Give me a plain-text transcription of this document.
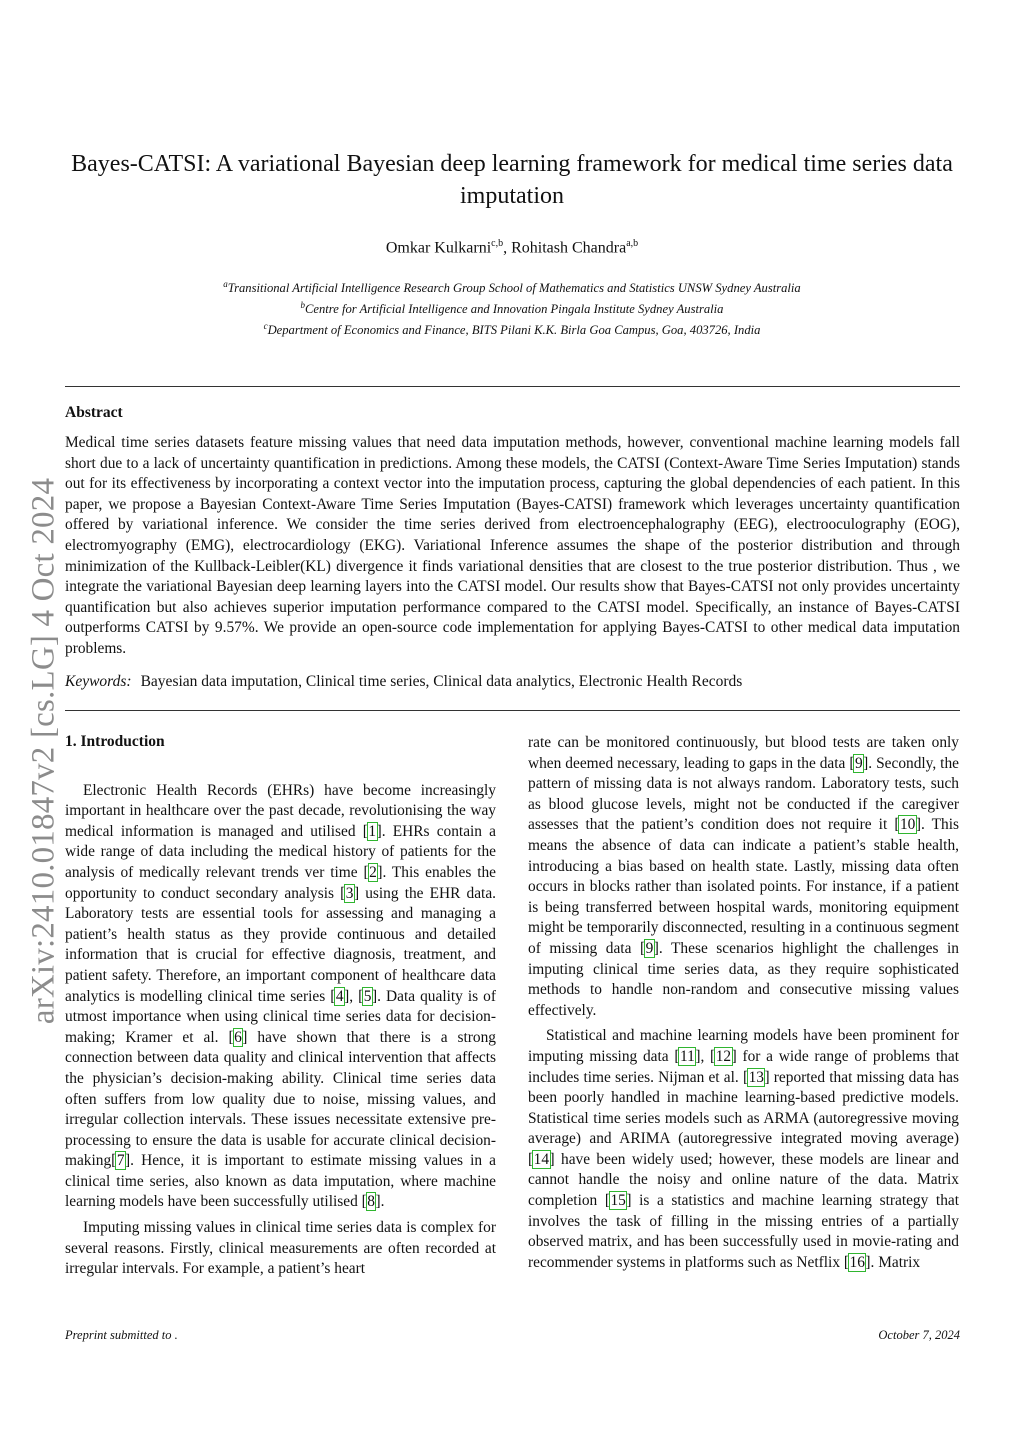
arXiv:2410.01847v2 [cs.LG] 4 Oct 2024
Bayes-CATSI: A variational Bayesian deep learning framework for medical time series data imputation
Omkar Kulkarni$^{c,b}$, Rohitash Chandra$^{a,b}$
$^a$Transitional Artificial Intelligence Research Group School of Mathematics and Statistics UNSW Sydney Australia
$^b$Centre for Artificial Intelligence and Innovation Pingala Institute Sydney Australia
$^c$Department of Economics and Finance, BITS Pilani K.K. Birla Goa Campus, Goa, 403726, India
Abstract
Medical time series datasets feature missing values that need data imputation methods, however, conventional machine learning models fall short due to a lack of uncertainty quantification in predictions. Among these models, the CATSI (Context-Aware Time Series Imputation) stands out for its effectiveness by incorporating a context vector into the imputation process, capturing the global dependencies of each patient. In this paper, we propose a Bayesian Context-Aware Time Series Imputation (Bayes-CATSI) framework which leverages uncertainty quantification offered by variational inference. We consider the time series derived from electroencephalography (EEG), electrooculography (EOG), electromyography (EMG), electrocardiology (EKG). Variational Inference assumes the shape of the posterior distribution and through minimization of the Kullback-Leibler(KL) divergence it finds variational densities that are closest to the true posterior distribution. Thus , we integrate the variational Bayesian deep learning layers into the CATSI model. Our results show that Bayes-CATSI not only provides uncertainty quantification but also achieves superior imputation performance compared to the CATSI model. Specifically, an instance of Bayes-CATSI outperforms CATSI by 9.57%. We provide an open-source code implementation for applying Bayes-CATSI to other medical data imputation problems.
Keywords: Bayesian data imputation, Clinical time series, Clinical data analytics, Electronic Health Records
1. Introduction

Electronic Health Records (EHRs) have become increasingly important in healthcare over the past decade, revolutionising the way medical information is managed and utilised [1]. EHRs contain a wide range of data including the medical history of patients for the analysis of medically relevant trends ver time [2]. This enables the opportunity to conduct secondary analysis [3] using the EHR data. Laboratory tests are essential tools for assessing and managing a patient’s health status as they provide continuous and detailed information that is crucial for effective diagnosis, treatment, and patient safety. Therefore, an important component of healthcare data analytics is modelling clinical time series [4], [5]. Data quality is of utmost importance when using clinical time series data for decision-making; Kramer et al. [6] have shown that there is a strong connection between data quality and clinical intervention that affects the physician’s decision-making ability. Clinical time series data often suffers from low quality due to noise, missing values, and irregular collection intervals. These issues necessitate extensive pre-processing to ensure the data is usable for accurate clinical decision-making[7]. Hence, it is important to estimate missing values in a clinical time series, also known as data imputation, where machine learning models have been successfully utilised [8].

Imputing missing values in clinical time series data is complex for several reasons. Firstly, clinical measurements are often recorded at irregular intervals. For example, a patient’s heart

rate can be monitored continuously, but blood tests are taken only when deemed necessary, leading to gaps in the data [9]. Secondly, the pattern of missing data is not always random. Laboratory tests, such as blood glucose levels, might not be conducted if the caregiver assesses that the patient’s condition does not require it [10]. This means the absence of data can indicate a patient’s stable health, introducing a bias based on health state. Lastly, missing data often occurs in blocks rather than isolated points. For instance, if a patient is being transferred between hospital wards, monitoring equipment might be temporarily disconnected, resulting in a continuous segment of missing data [9]. These scenarios highlight the challenges in imputing clinical time series data, as they require sophisticated methods to handle non-random and consecutive missing values effectively.

Statistical and machine learning models have been prominent for imputing missing data [11], [12] for a wide range of problems that includes time series. Nijman et al. [13] reported that missing data has been poorly handled in machine learning-based predictive models. Statistical time series models such as ARMA (autoregressive moving average) and ARIMA (autoregressive integrated moving average) [14] have been widely used; however, these models are linear and cannot handle the noisy and online nature of the data. Matrix completion [15] is a statistics and machine learning strategy that involves the task of filling in the missing entries of a partially observed matrix, and has been successfully used in movie-rating and recommender systems in platforms such as Netflix [16]. Matrix

Preprint submitted to .	October 7, 2024
